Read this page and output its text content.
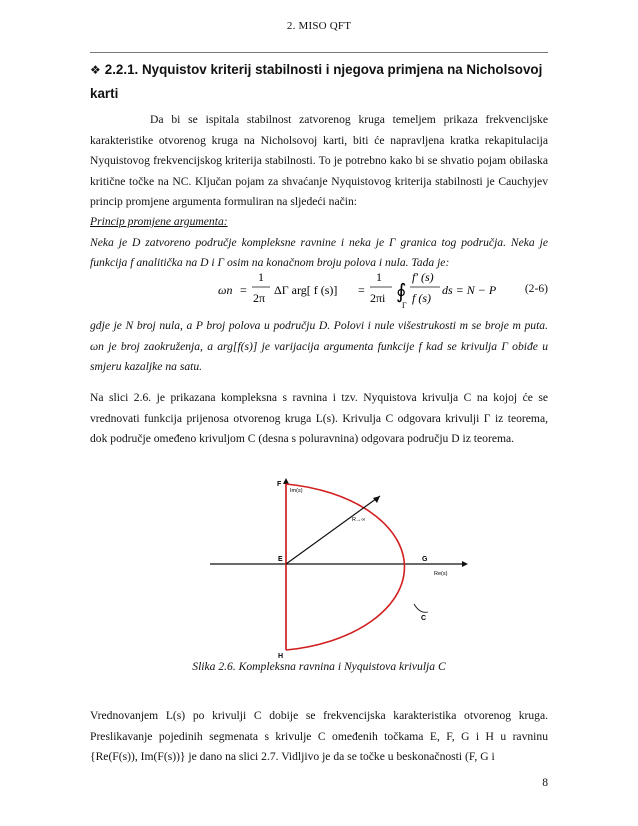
2. MISO QFT
❖ 2.2.1. Nyquistov kriterij stabilnosti i njegova primjena na Nicholsovoj karti
Da bi se ispitala stabilnost zatvorenog kruga temeljem prikaza frekvencijske karakteristike otvorenog kruga na Nicholsovoj karti, biti će napravljena kratka rekapitulacija Nyquistovog frekvencijskog kriterija stabilnosti. To je potrebno kako bi se shvatio pojam obilaska kritične točke na NC. Ključan pojam za shvaćanje Nyquistovog kriterija stabilnosti je Cauchyjev princip promjene argumenta formuliran na sljedeći način:
Princip promjene argumenta:
Neka je D zatvoreno područje kompleksne ravnine i neka je Γ granica tog područja. Neka je funkcija f analitička na D i Γ osim na konačnom broju polova i nula. Tada je:
ωn =
1
2π
ΔΓ arg[ f (s)] =
1
2πi ∮
Γ
f′ (s)
f (s)
ds = N − P (2-6)
gdje je N broj nula, a P broj polova u području D. Polovi i nule višestrukosti m se broje m puta. ωn je broj zaokruženja, a arg[f(s)] je varijacija argumenta funkcije f kad se krivulja Γ obiđe u smjeru kazaljke na satu.
Na slici 2.6. je prikazana kompleksna s ravnina i tzv. Nyquistova krivulja C na kojoj će se vrednovati funkcija prijenosa otvorenog kruga L(s). Krivulja C odgovara krivulji Γ iz teorema, dok područje omeđeno krivuljom C (desna s poluravnina) odgovara području D iz teorema.
F
Im(s)
R→∞
E	G
Re(s)
C
H
Slika 2.6. Kompleksna ravnina i Nyquistova krivulja C
Vrednovanjem L(s) po krivulji C dobije se frekvencijska karakteristika otvorenog kruga. Preslikavanje pojedinih segmenata s krivulje C omeđenih točkama E, F, G i H u ravninu {Re(F(s)), Im(F(s))} je dano na slici 2.7. Vidljivo je da se točke u beskonačnosti (F, G i
8
